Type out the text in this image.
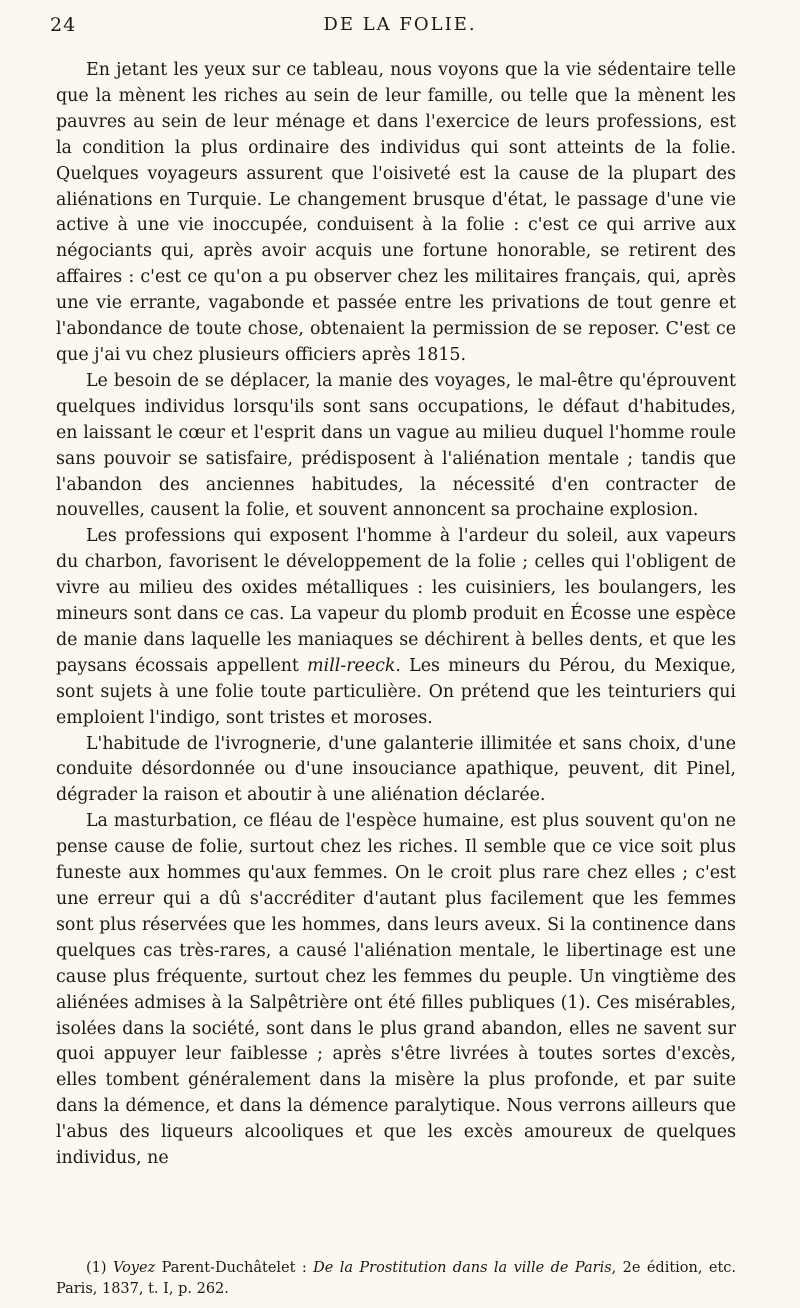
24	DE LA FOLIE.

En jetant les yeux sur ce tableau, nous voyons que la vie sédentaire telle que la mènent les riches au sein de leur famille, ou telle que la mènent les pauvres au sein de leur ménage et dans l'exercice de leurs professions, est la condition la plus ordinaire des individus qui sont atteints de la folie. Quelques voyageurs assurent que l'oisiveté est la cause de la plupart des aliénations en Turquie. Le changement brusque d'état, le passage d'une vie active à une vie inoccupée, conduisent à la folie : c'est ce qui arrive aux négociants qui, après avoir acquis une fortune honorable, se retirent des affaires : c'est ce qu'on a pu observer chez les militaires français, qui, après une vie errante, vagabonde et passée entre les privations de tout genre et l'abondance de toute chose, obtenaient la permission de se reposer. C'est ce que j'ai vu chez plusieurs officiers après 1815.

Le besoin de se déplacer, la manie des voyages, le mal-être qu'éprouvent quelques individus lorsqu'ils sont sans occupations, le défaut d'habitudes, en laissant le cœur et l'esprit dans un vague au milieu duquel l'homme roule sans pouvoir se satisfaire, prédisposent à l'aliénation mentale ; tandis que l'abandon des anciennes habitudes, la nécessité d'en contracter de nouvelles, causent la folie, et souvent annoncent sa prochaine explosion.

Les professions qui exposent l'homme à l'ardeur du soleil, aux vapeurs du charbon, favorisent le développement de la folie ; celles qui l'obligent de vivre au milieu des oxides métalliques : les cuisiniers, les boulangers, les mineurs sont dans ce cas. La vapeur du plomb produit en Écosse une espèce de manie dans laquelle les maniaques se déchirent à belles dents, et que les paysans écossais appellent mill-reeck. Les mineurs du Pérou, du Mexique, sont sujets à une folie toute particulière. On prétend que les teinturiers qui emploient l'indigo, sont tristes et moroses.

L'habitude de l'ivrognerie, d'une galanterie illimitée et sans choix, d'une conduite désordonnée ou d'une insouciance apathique, peuvent, dit Pinel, dégrader la raison et aboutir à une aliénation déclarée.

La masturbation, ce fléau de l'espèce humaine, est plus souvent qu'on ne pense cause de folie, surtout chez les riches. Il semble que ce vice soit plus funeste aux hommes qu'aux femmes. On le croit plus rare chez elles ; c'est une erreur qui a dû s'accréditer d'autant plus facilement que les femmes sont plus réservées que les hommes, dans leurs aveux. Si la continence dans quelques cas très-rares, a causé l'aliénation mentale, le libertinage est une cause plus fréquente, surtout chez les femmes du peuple. Un vingtième des aliénées admises à la Salpêtrière ont été filles publiques (1). Ces misérables, isolées dans la société, sont dans le plus grand abandon, elles ne savent sur quoi appuyer leur faiblesse ; après s'être livrées à toutes sortes d'excès, elles tombent généralement dans la misère la plus profonde, et par suite dans la démence, et dans la démence paralytique. Nous verrons ailleurs que l'abus des liqueurs alcooliques et que les excès amoureux de quelques individus, ne

(1) Voyez Parent-Duchâtelet : De la Prostitution dans la ville de Paris, 2e édition, etc. Paris, 1837, t. I, p. 262.
